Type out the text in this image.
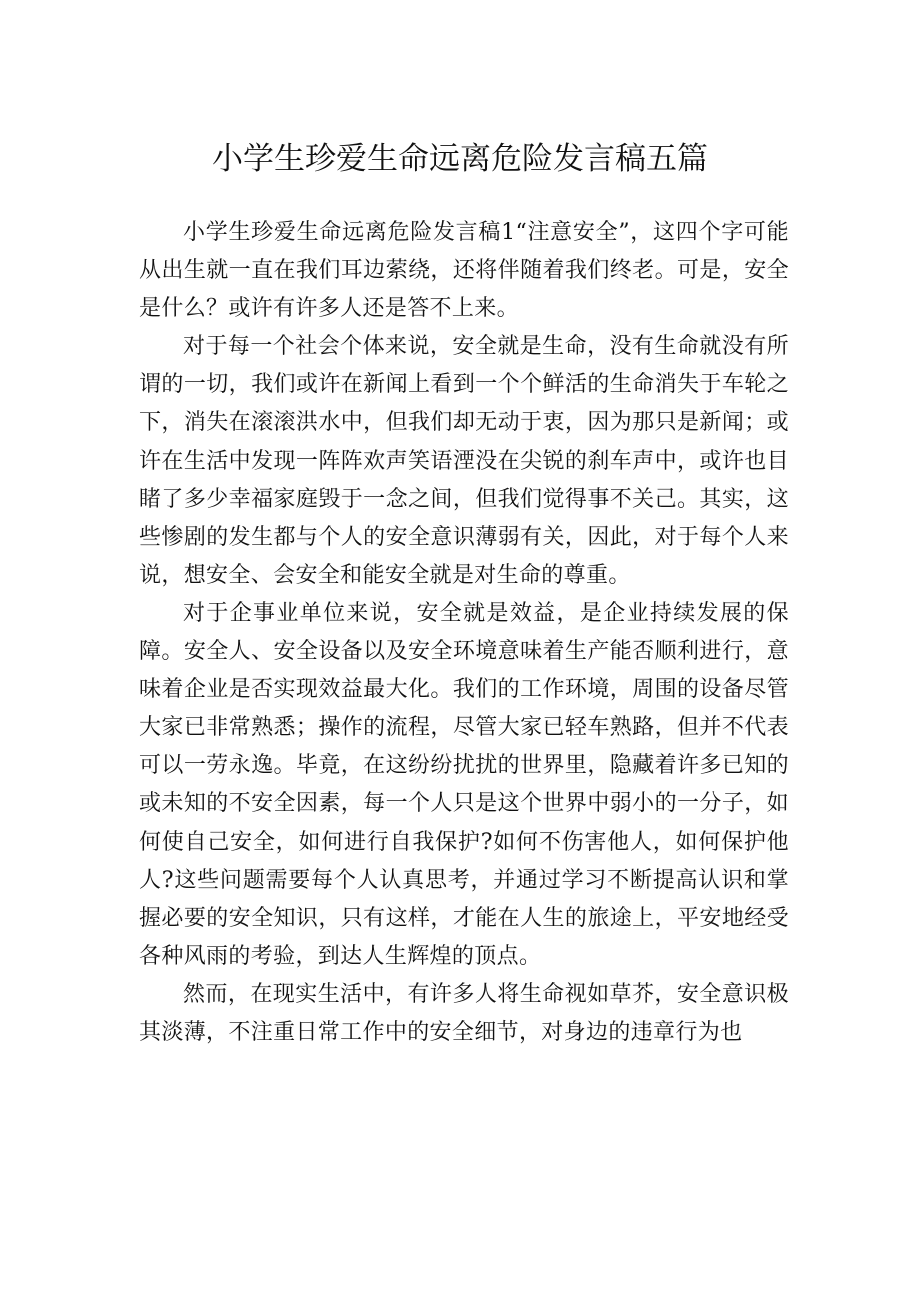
小学生珍爱生命远离危险发言稿五篇

小学生珍爱生命远离危险发言稿1“注意安全”，这四个字可能从出生就一直在我们耳边萦绕，还将伴随着我们终老。可是，安全是什么？或许有许多人还是答不上来。

对于每一个社会个体来说，安全就是生命，没有生命就没有所谓的一切，我们或许在新闻上看到一个个鲜活的生命消失于车轮之下，消失在滚滚洪水中，但我们却无动于衷，因为那只是新闻；或许在生活中发现一阵阵欢声笑语湮没在尖锐的刹车声中，或许也目睹了多少幸福家庭毁于一念之间，但我们觉得事不关己。其实，这些惨剧的发生都与个人的安全意识薄弱有关，因此，对于每个人来说，想安全、会安全和能安全就是对生命的尊重。

对于企事业单位来说，安全就是效益，是企业持续发展的保障。安全人、安全设备以及安全环境意味着生产能否顺利进行，意味着企业是否实现效益最大化。我们的工作环境，周围的设备尽管大家已非常熟悉；操作的流程，尽管大家已轻车熟路，但并不代表可以一劳永逸。毕竟，在这纷纷扰扰的世界里，隐藏着许多已知的或未知的不安全因素，每一个人只是这个世界中弱小的一分子，如何使自己安全，如何进行自我保护?如何不伤害他人，如何保护他人?这些问题需要每个人认真思考，并通过学习不断提高认识和掌握必要的安全知识，只有这样，才能在人生的旅途上，平安地经受各种风雨的考验，到达人生辉煌的顶点。

然而，在现实生活中，有许多人将生命视如草芥，安全意识极其淡薄，不注重日常工作中的安全细节，对身边的违章行为也
